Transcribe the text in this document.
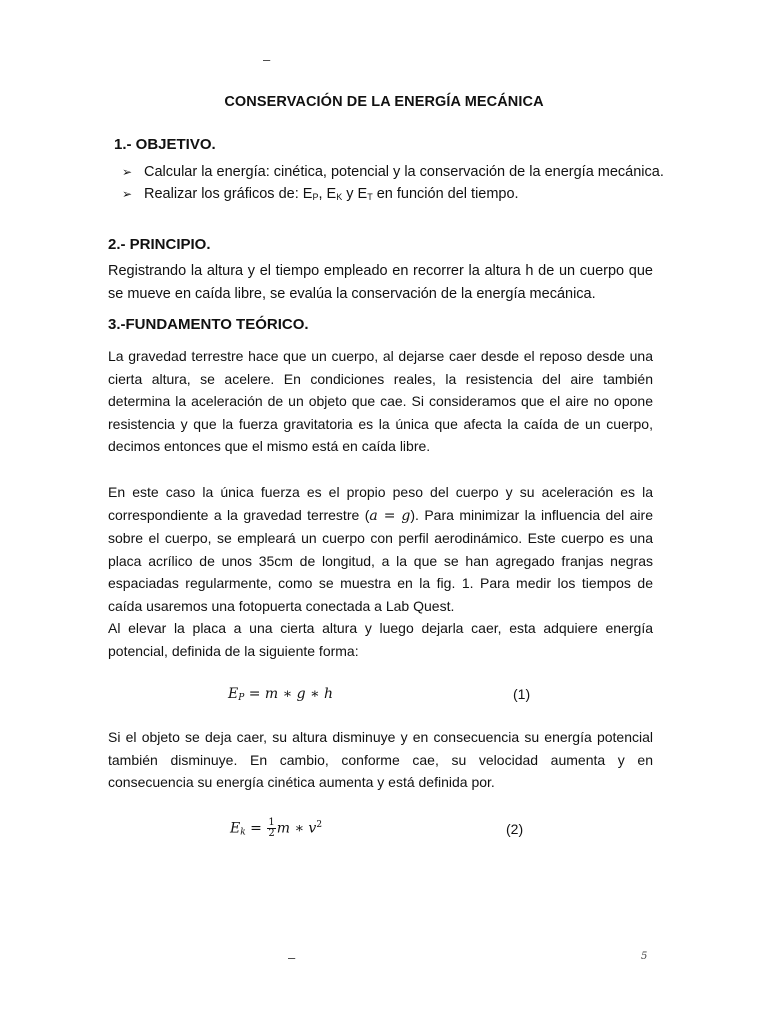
–
CONSERVACIÓN DE LA ENERGÍA MECÁNICA
1.- OBJETIVO.
➢ Calcular la energía: cinética, potencial y la conservación de la energía mecánica.
➢ Realizar los gráficos de: $E_P$, $E_K$ y $E_T$ en función del tiempo.
2.- PRINCIPIO.
Registrando la altura y el tiempo empleado en recorrer la altura h de un cuerpo que se mueve en caída libre, se evalúa la conservación de la energía mecánica.
3.-FUNDAMENTO TEÓRICO.
La gravedad terrestre hace que un cuerpo, al dejarse caer desde el reposo desde una cierta altura, se acelere. En condiciones reales, la resistencia del aire también determina la aceleración de un objeto que cae. Si consideramos que el aire no opone resistencia y que la fuerza gravitatoria es la única que afecta la caída de un cuerpo, decimos entonces que el mismo está en caída libre.
En este caso la única fuerza es el propio peso del cuerpo y su aceleración es la correspondiente a la gravedad terrestre (a = g). Para minimizar la influencia del aire sobre el cuerpo, se empleará un cuerpo con perfil aerodinámico. Este cuerpo es una placa acrílico de unos 35cm de longitud, a la que se han agregado franjas negras espaciadas regularmente, como se muestra en la fig. 1. Para medir los tiempos de caída usaremos una fotopuerta conectada a Lab Quest.
Al elevar la placa a una cierta altura y luego dejarla caer, esta adquiere energía potencial, definida de la siguiente forma:
$E_P = m$ ∗ g ∗ h	(1)
Si el objeto se deja caer, su altura disminuye y en consecuencia su energía potencial también disminuye. En cambio, conforme cae, su velocidad aumenta y en consecuencia su energía cinética aumenta y está definida por.
$E_k = \frac{1}{2}$ m ∗ $v^2$	(2)
–	5
